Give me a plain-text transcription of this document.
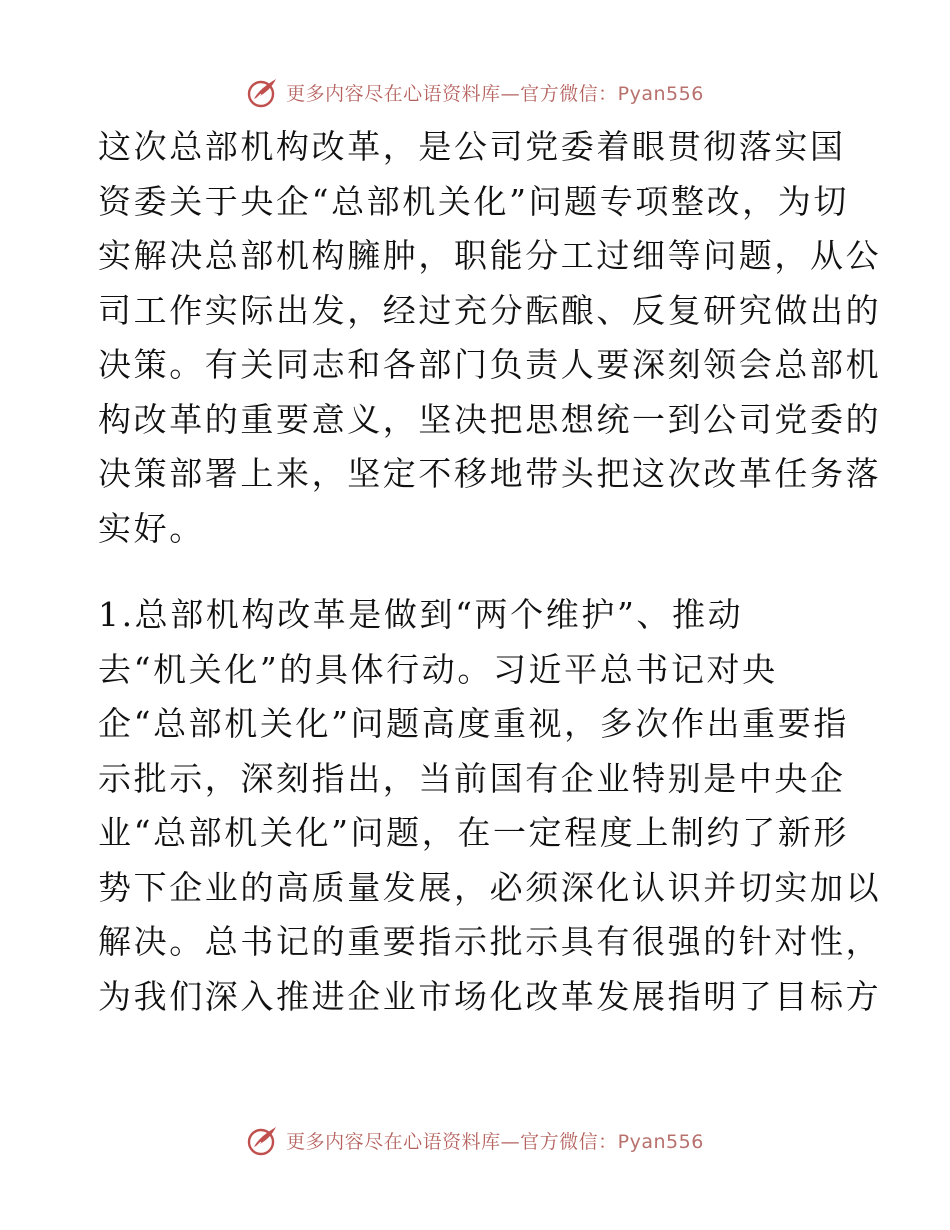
更多内容尽在心语资料库—官方微信：Pyan556

这次总部机构改革，是公司党委着眼贯彻落实国
资委关于央企“总部机关化”问题专项整改，为切
实解决总部机构臃肿，职能分工过细等问题，从公
司工作实际出发，经过充分酝酿、反复研究做出的
决策。有关同志和各部门负责人要深刻领会总部机
构改革的重要意义，坚决把思想统一到公司党委的
决策部署上来，坚定不移地带头把这次改革任务落
实好。

1.总部机构改革是做到“两个维护”、推动
去“机关化”的具体行动。习近平总书记对央
企“总部机关化”问题高度重视，多次作出重要指
示批示，深刻指出，当前国有企业特别是中央企
业“总部机关化”问题，在一定程度上制约了新形
势下企业的高质量发展，必须深化认识并切实加以
解决。总书记的重要指示批示具有很强的针对性，
为我们深入推进企业市场化改革发展指明了目标方

更多内容尽在心语资料库—官方微信：Pyan556
